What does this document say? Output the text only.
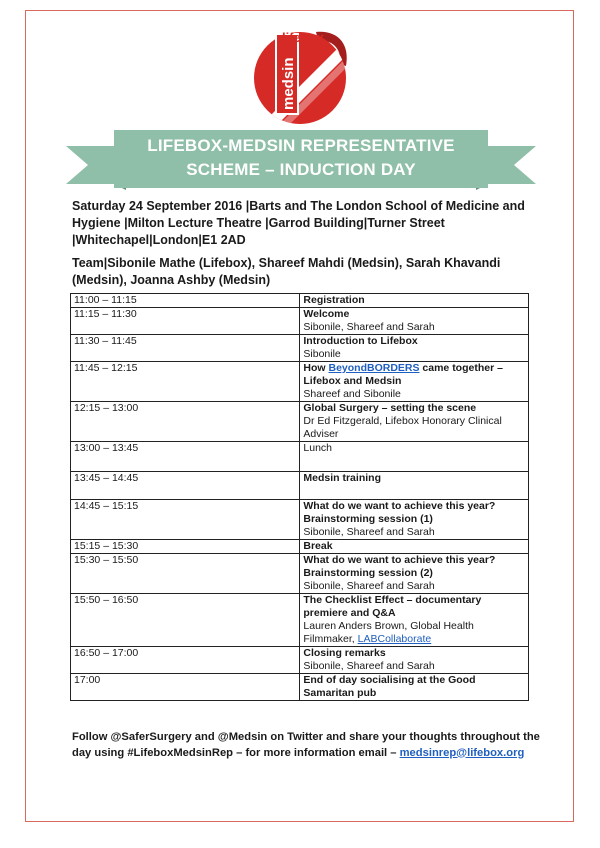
lifebox
medsin
LIFEBOX-MEDSIN REPRESENTATIVE
SCHEME – INDUCTION DAY
Saturday 24 September 2016 |Barts and The London School of Medicine and Hygiene |Milton Lecture Theatre |Garrod Building|Turner Street |Whitechapel|London|E1 2AD
Team|Sibonile Mathe (Lifebox), Shareef Mahdi (Medsin), Sarah Khavandi (Medsin), Joanna Ashby (Medsin)
11:00 – 11:15	Registration

11:15 – 11:30	Welcome
Sibonile, Shareef and Sarah

11:30 – 11:45	Introduction to Lifebox
Sibonile

11:45 – 12:15	How BeyondBORDERS came together – Lifebox and Medsin
Shareef and Sibonile

12:15 – 13:00	Global Surgery – setting the scene
Dr Ed Fitzgerald, Lifebox Honorary Clinical Adviser

13:00 – 13:45	Lunch

13:45 – 14:45	Medsin training

14:45 – 15:15	What do we want to achieve this year? Brainstorming session (1)
Sibonile, Shareef and Sarah

15:15 – 15:30	Break

15:30 – 15:50	What do we want to achieve this year? Brainstorming session (2)
Sibonile, Shareef and Sarah

15:50 – 16:50	The Checklist Effect – documentary premiere and Q&A
Lauren Anders Brown, Global Health Filmmaker, LABCollaborate

16:50 – 17:00	Closing remarks
Sibonile, Shareef and Sarah

17:00	End of day socialising at the Good Samaritan pub
Follow @SaferSurgery and @Medsin on Twitter and share your thoughts throughout the day using #LifeboxMedsinRep – for more information email – medsinrep@lifebox.org
